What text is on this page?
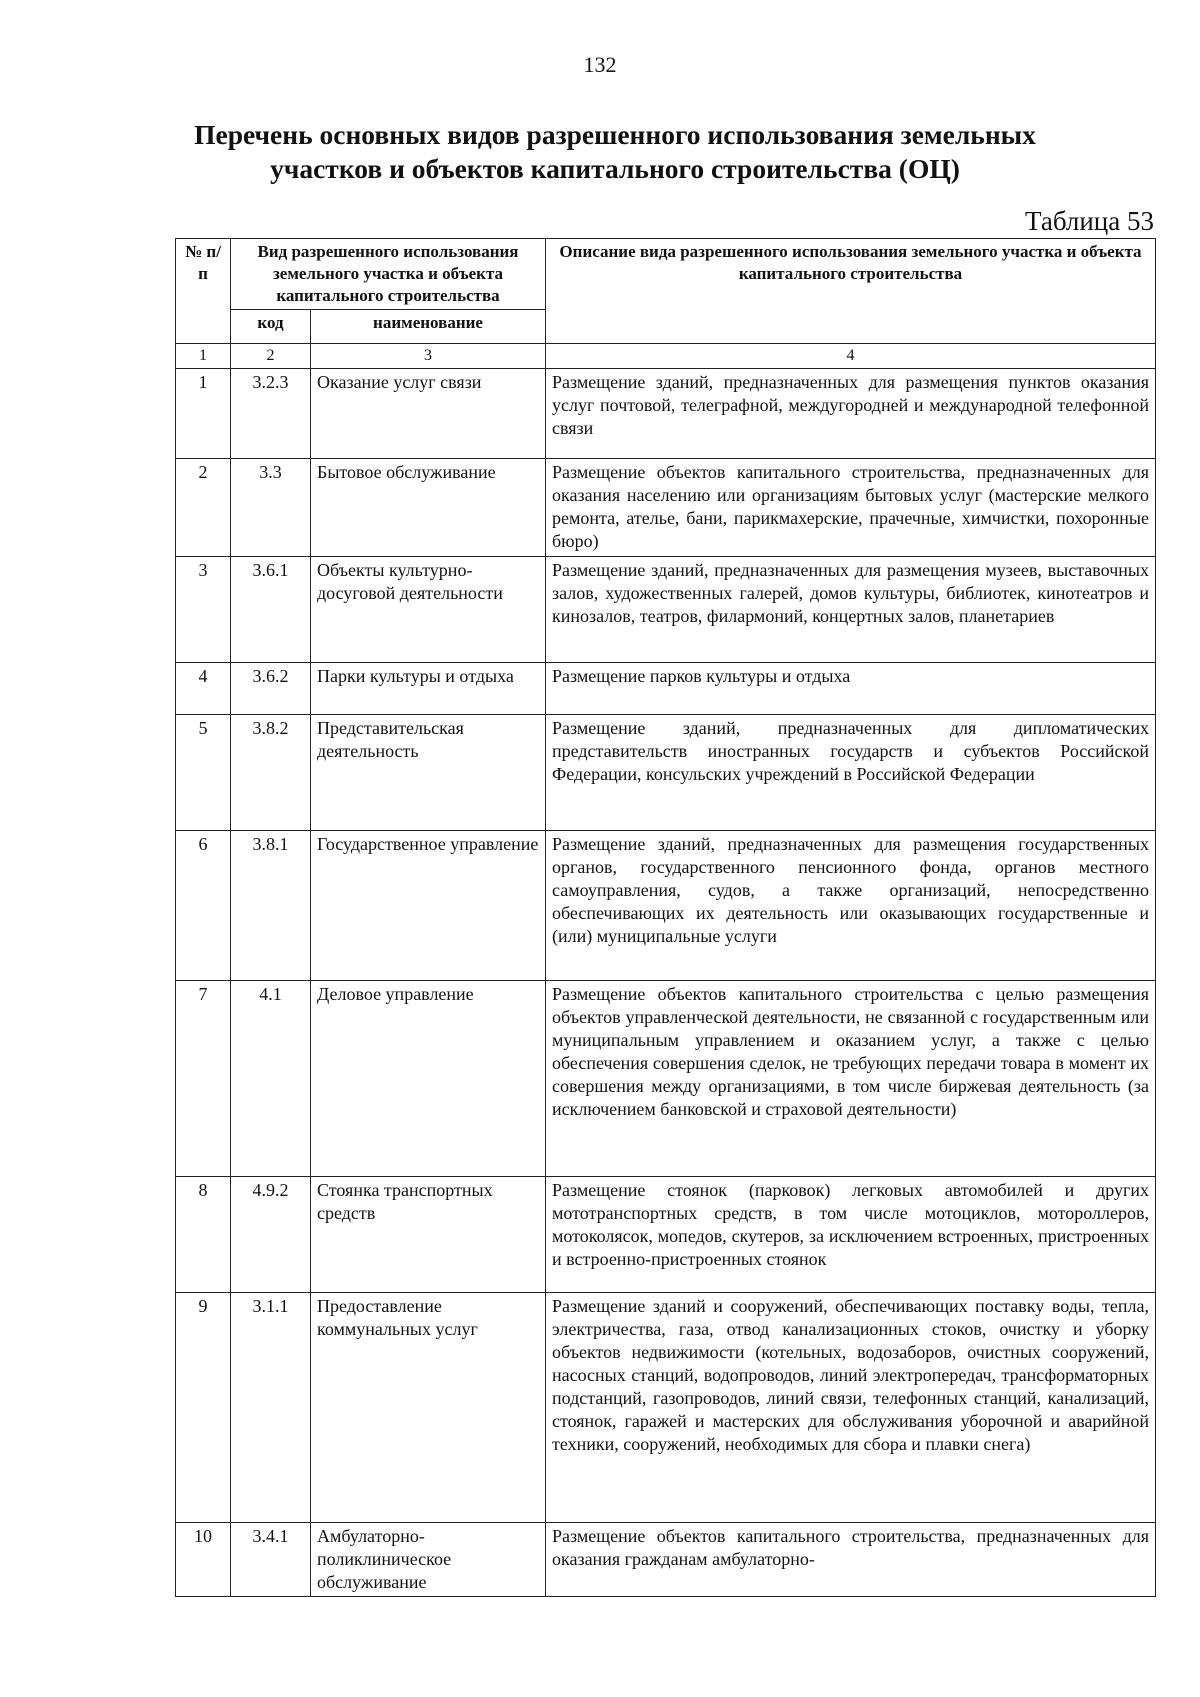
132
Перечень основных видов разрешенного использования земельных
участков и объектов капитального строительства (ОЦ)
Таблица 53
№ п/п	Вид разрешенного использования земельного участка и объекта капитального строительства		Описание вида разрешенного использования земельного участка и объекта капитального строительства
	код	наименование	
1	2	3	4
1	3.2.3	Оказание услуг связи	Размещение зданий, предназначенных для размещения пунктов оказания услуг почтовой, телеграфной, междугородней и международной телефонной связи
2	3.3	Бытовое обслуживание	Размещение объектов капитального строительства, предназначенных для оказания населению или организациям бытовых услуг (мастерские мелкого ремонта, ателье, бани, парикмахерские, прачечные, химчистки, похоронные бюро)
3	3.6.1	Объекты культурно-досуговой деятельности	Размещение зданий, предназначенных для размещения музеев, выставочных залов, художественных галерей, домов культуры, библиотек, кинотеатров и кинозалов, театров, филармоний, концертных залов, планетариев
4	3.6.2	Парки культуры и отдыха	Размещение парков культуры и отдыха
5	3.8.2	Представительская деятельность	Размещение зданий, предназначенных для дипломатических представительств иностранных государств и субъектов Российской Федерации, консульских учреждений в Российской Федерации
6	3.8.1	Государственное управление	Размещение зданий, предназначенных для размещения государственных органов, государственного пенсионного фонда, органов местного самоуправления, судов, а также организаций, непосредственно обеспечивающих их деятельность или оказывающих государственные и (или) муниципальные услуги
7	4.1	Деловое управление	Размещение объектов капитального строительства с целью размещения объектов управленческой деятельности, не связанной с государственным или муниципальным управлением и оказанием услуг, а также с целью обеспечения совершения сделок, не требующих передачи товара в момент их совершения между организациями, в том числе биржевая деятельность (за исключением банковской и страховой деятельности)
8	4.9.2	Стоянка транспортных средств	Размещение стоянок (парковок) легковых автомобилей и других мототранспортных средств, в том числе мотоциклов, мотороллеров, мотоколясок, мопедов, скутеров, за исключением встроенных, пристроенных и встроенно-пристроенных стоянок
9	3.1.1	Предоставление коммунальных услуг	Размещение зданий и сооружений, обеспечивающих поставку воды, тепла, электричества, газа, отвод канализационных стоков, очистку и уборку объектов недвижимости (котельных, водозаборов, очистных сооружений, насосных станций, водопроводов, линий электропередач, трансформаторных подстанций, газопроводов, линий связи, телефонных станций, канализаций, стоянок, гаражей и мастерских для обслуживания уборочной и аварийной техники, сооружений, необходимых для сбора и плавки снега)
10	3.4.1	Амбулаторно-поликлиническое обслуживание	Размещение объектов капитального строительства, предназначенных для оказания гражданам амбулаторно-
